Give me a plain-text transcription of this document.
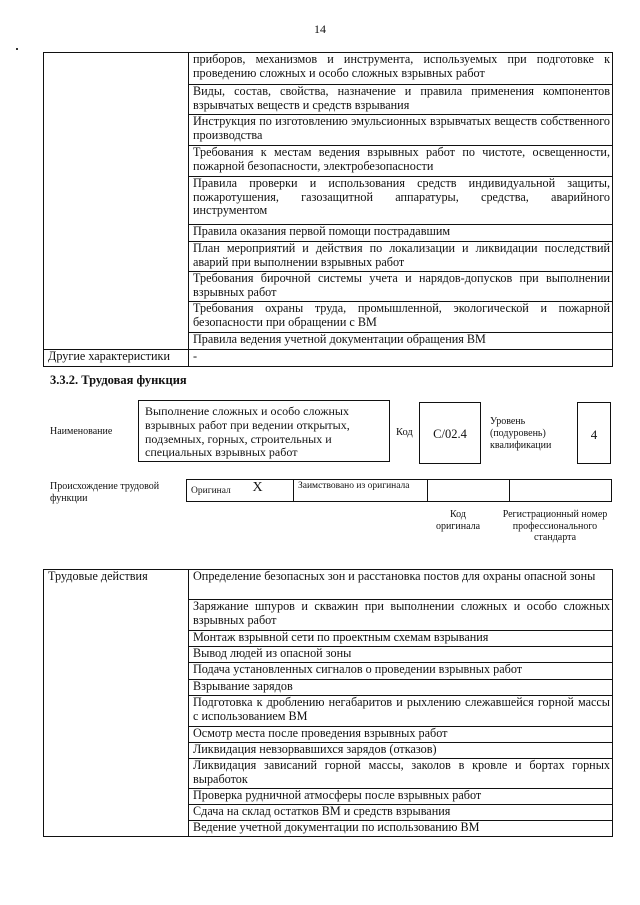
14
	приборов, механизмов и инструмента, используемых при подготовке к проведению сложных и особо сложных взрывных работ
	Виды, состав, свойства, назначение и правила применения компонентов взрывчатых веществ и средств взрывания
	Инструкция по изготовлению эмульсионных взрывчатых веществ собственного производства
	Требования к местам ведения взрывных работ по чистоте, освещенности, пожарной безопасности, электробезопасности
	Правила проверки и использования средств индивидуальной защиты, пожаротушения, газозащитной аппаратуры, средства, аварийного инструментом
	Правила оказания первой помощи пострадавшим
	План мероприятий и действия по локализации и ликвидации последствий аварий при выполнении взрывных работ
	Требования бирочной системы учета и нарядов-допусков при выполнении взрывных работ
	Требования охраны труда, промышленной, экологической и пожарной безопасности при обращении с ВМ
	Правила ведения учетной документации обращения ВМ
Другие характеристики	-
3.3.2. Трудовая функция
Наименование
Выполнение сложных и особо сложных взрывных работ при ведении открытых, подземных, горных, строительных и специальных взрывных работ
Код	C/02.4
Уровень (подуровень) квалификации
4
Происхождение трудовой функции
Оригинал	X	Заимствовано из оригинала		
Код оригинала
Регистрационный номер профессионального стандарта
Трудовые действия	Определение безопасных зон и расстановка постов для охраны опасной зоны
Заряжание шпуров и скважин при выполнении сложных и особо сложных взрывных работ
Монтаж взрывной сети по проектным схемам взрывания
Вывод людей из опасной зоны
Подача установленных сигналов о проведении взрывных работ
Взрывание зарядов
Подготовка к дроблению негабаритов и рыхлению слежавшейся горной массы с использованием ВМ
Осмотр места после проведения взрывных работ
Ликвидация невзорвавшихся зарядов (отказов)
Ликвидация зависаний горной массы, заколов в кровле и бортах горных выработок
Проверка рудничной атмосферы после взрывных работ
Сдача на склад остатков ВМ и средств взрывания
Ведение учетной документации по использованию ВМ
